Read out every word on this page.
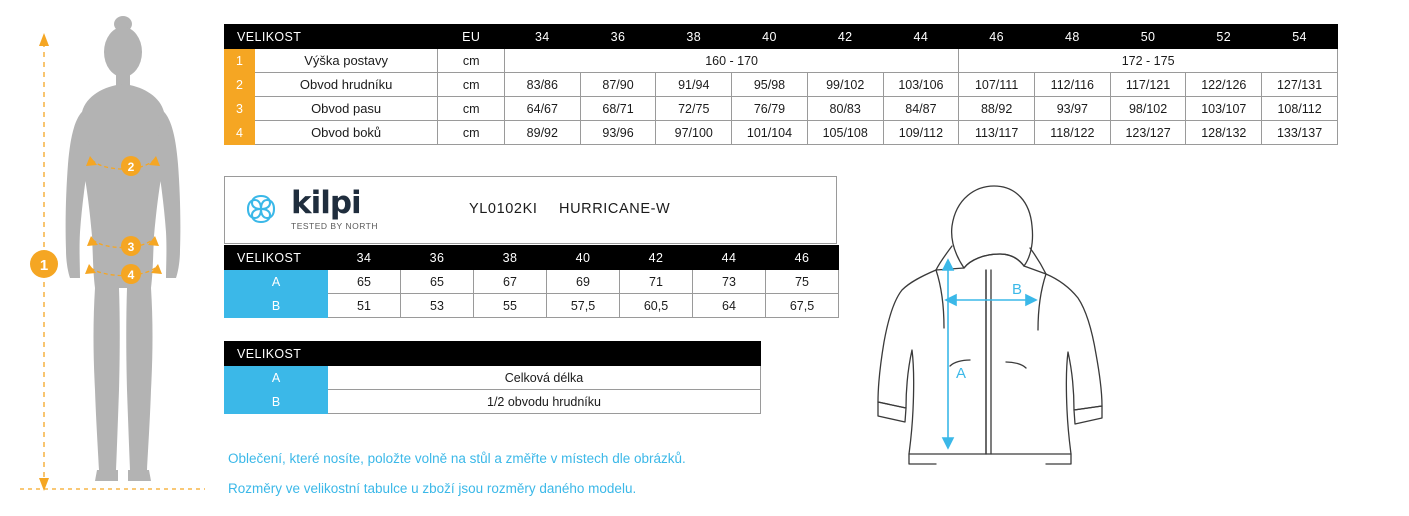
1
2
3
4
VELIKOST		EU	34	36	38	40	42	44	46	48	50	52	54
1	Výška postavy	cm	160 - 170						172 - 175				
2	Obvod hrudníku	cm	83/86	87/90	91/94	95/98	99/102	103/106	107/111	112/116	117/121	122/126	127/131
3	Obvod pasu	cm	64/67	68/71	72/75	76/79	80/83	84/87	88/92	93/97	98/102	103/107	108/112
4	Obvod boků	cm	89/92	93/96	97/100	101/104	105/108	109/112	113/117	118/122	123/127	128/132	133/137
kilpi
TESTED BY NORTH
YL0102KI HURRICANE-W
VELIKOST	34	36	38	40	42	44	46
A	65	65	67	69	71	73	75
B	51	53	55	57,5	60,5	64	67,5
VELIKOST	
A	Celková délka
B	1/2 obvodu hrudníku
Oblečení, které nosíte, položte volně na stůl a změřte v místech dle obrázků.
Rozměry ve velikostní tabulce u zboží jsou rozměry daného modelu.
B
A
